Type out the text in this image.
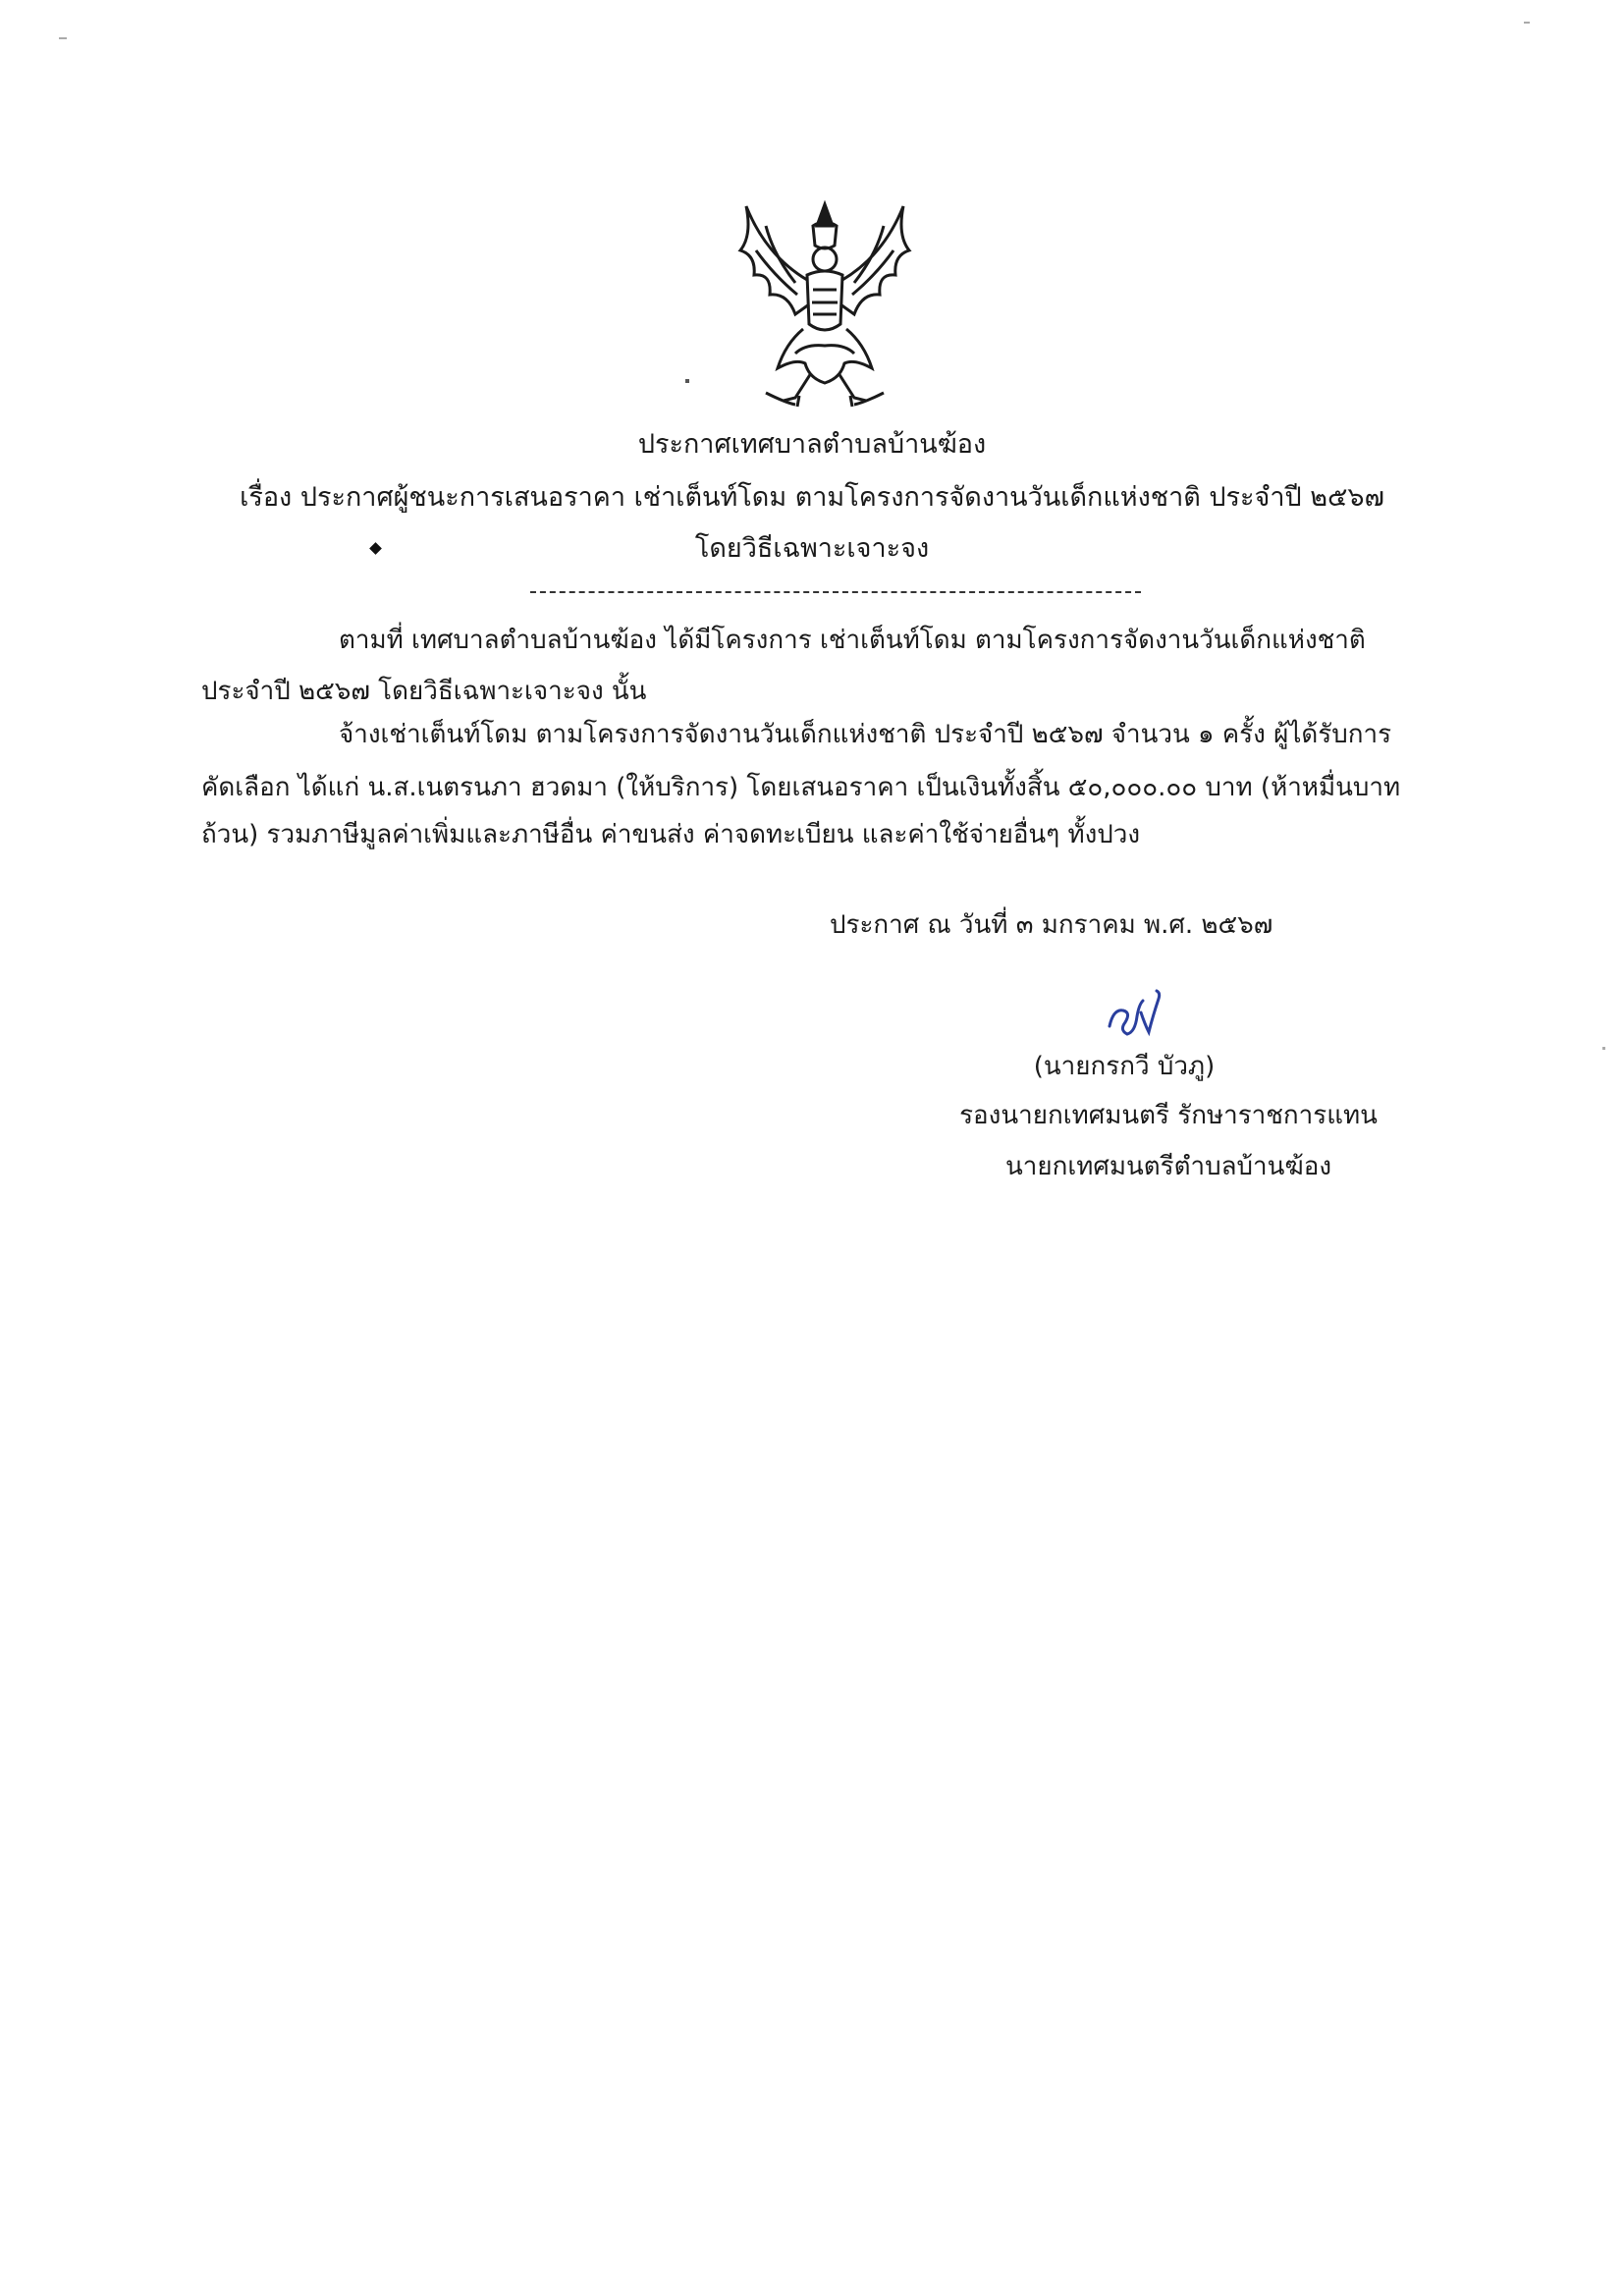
ประกาศเทศบาลตำบลบ้านฆ้อง
เรื่อง ประกาศผู้ชนะการเสนอราคา เช่าเต็นท์โดม ตามโครงการจัดงานวันเด็กแห่งชาติ ประจำปี ๒๕๖๗
โดยวิธีเฉพาะเจาะจง
ตามที่ เทศบาลตำบลบ้านฆ้อง ได้มีโครงการ เช่าเต็นท์โดม ตามโครงการจัดงานวันเด็กแห่งชาติ
ประจำปี ๒๕๖๗ โดยวิธีเฉพาะเจาะจง นั้น
จ้างเช่าเต็นท์โดม ตามโครงการจัดงานวันเด็กแห่งชาติ ประจำปี ๒๕๖๗ จำนวน ๑ ครั้ง ผู้ได้รับการ
คัดเลือก ได้แก่ น.ส.เนตรนภา ฮวดมา (ให้บริการ) โดยเสนอราคา เป็นเงินทั้งสิ้น ๕๐,๐๐๐.๐๐ บาท (ห้าหมื่นบาท
ถ้วน) รวมภาษีมูลค่าเพิ่มและภาษีอื่น ค่าขนส่ง ค่าจดทะเบียน และค่าใช้จ่ายอื่นๆ ทั้งปวง
ประกาศ ณ วันที่ ๓ มกราคม พ.ศ. ๒๕๖๗
(นายกรกวี บัวภู)
รองนายกเทศมนตรี รักษาราชการแทน
นายกเทศมนตรีตำบลบ้านฆ้อง
